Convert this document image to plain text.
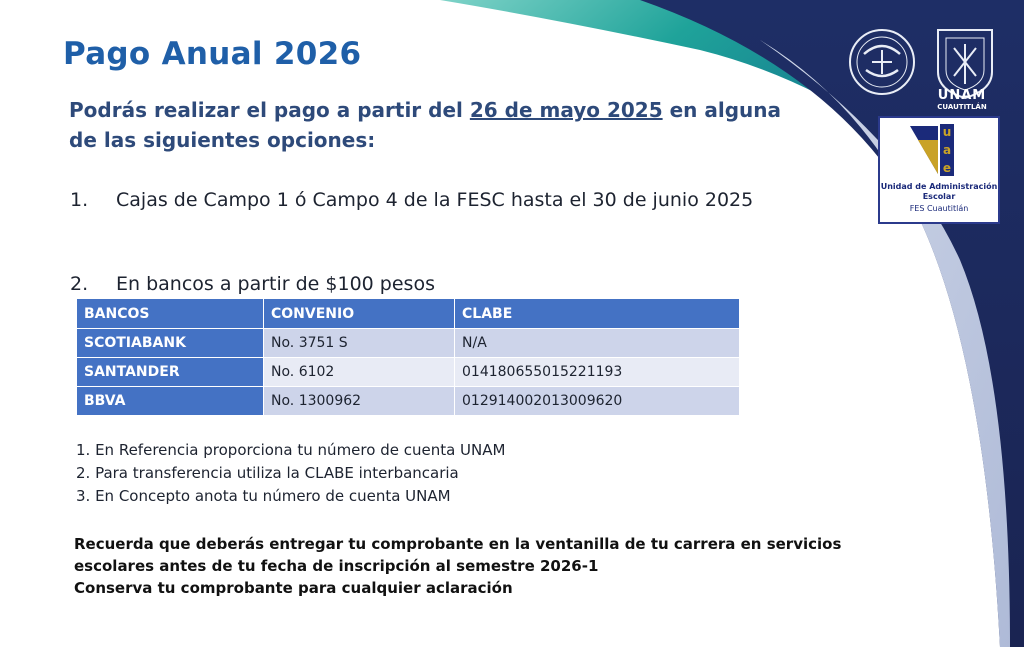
Pago Anual 2026

Podrás realizar el pago a partir del 26 de mayo 2025 en alguna de las siguientes opciones:

1.	Cajas de Campo 1 ó Campo 4 de la FESC hasta el 30 de junio 2025
2.	En bancos a partir de $100 pesos
BANCOS	CONVENIO	CLABE
SCOTIABANK	No. 3751 S	N/A
SANTANDER	No. 6102	014180655015221193
BBVA	No. 1300962	012914002013009620
1. En Referencia proporciona tu número de cuenta UNAM
2. Para transferencia utiliza la CLABE interbancaria
3. En Concepto anota tu número de cuenta UNAM
Recuerda que deberás entregar tu comprobante en la ventanilla de tu carrera en servicios
escolares antes de tu fecha de inscripción al semestre 2026-1
Conserva tu comprobante para cualquier aclaración
UNAM
CUAUTITLÁN
u
a
e
Unidad de Administración Escolar
FES Cuautitlán
